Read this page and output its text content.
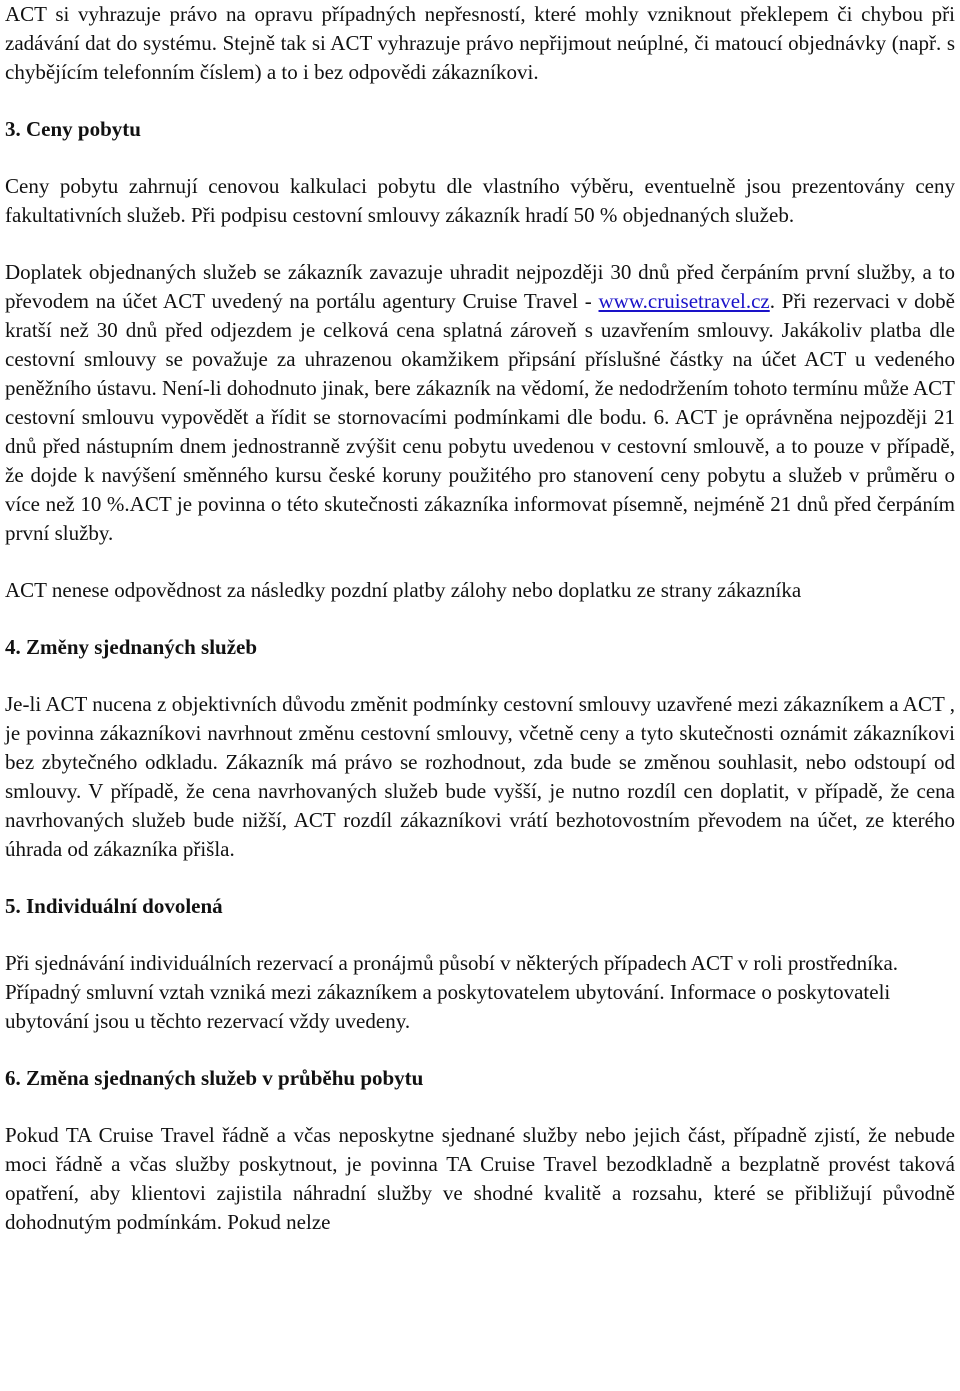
ACT si vyhrazuje právo na opravu případných nepřesností, které mohly vzniknout překlepem či chybou při zadávání dat do systému. Stejně tak si ACT vyhrazuje právo nepřijmout neúplné, či matoucí objednávky (např. s chybějícím telefonním číslem) a to i bez odpovědi zákazníkovi.

3. Ceny pobytu

Ceny pobytu zahrnují cenovou kalkulaci pobytu dle vlastního výběru, eventuelně jsou prezentovány ceny fakultativních služeb. Při podpisu cestovní smlouvy zákazník hradí 50 % objednaných služeb.

Doplatek objednaných služeb se zákazník zavazuje uhradit nejpozději 30 dnů před čerpáním první služby, a to převodem na účet ACT uvedený na portálu agentury Cruise Travel - www.cruisetravel.cz. Při rezervaci v době kratší než 30 dnů před odjezdem je celková cena splatná zároveň s uzavřením smlouvy. Jakákoliv platba dle cestovní smlouvy se považuje za uhrazenou okamžikem připsání příslušné částky na účet ACT u vedeného peněžního ústavu. Není-li dohodnuto jinak, bere zákazník na vědomí, že nedodržením tohoto termínu může ACT cestovní smlouvu vypovědět a řídit se stornovacími podmínkami dle bodu. 6. ACT je oprávněna nejpozději 21 dnů před nástupním dnem jednostranně zvýšit cenu pobytu uvedenou v cestovní smlouvě, a to pouze v případě, že dojde k navýšení směnného kursu české koruny použitého pro stanovení ceny pobytu a služeb v průměru o více než 10 %.ACT je povinna o této skutečnosti zákazníka informovat písemně, nejméně 21 dnů před čerpáním první služby.

ACT nenese odpovědnost za následky pozdní platby zálohy nebo doplatku ze strany zákazníka

4. Změny sjednaných služeb

Je-li ACT nucena z objektivních důvodu změnit podmínky cestovní smlouvy uzavřené mezi zákazníkem a ACT , je povinna zákazníkovi navrhnout změnu cestovní smlouvy, včetně ceny a tyto skutečnosti oznámit zákazníkovi bez zbytečného odkladu. Zákazník má právo se rozhodnout, zda bude se změnou souhlasit, nebo odstoupí od smlouvy. V případě, že cena navrhovaných služeb bude vyšší, je nutno rozdíl cen doplatit, v případě, že cena navrhovaných služeb bude nižší, ACT rozdíl zákazníkovi vrátí bezhotovostním převodem na účet, ze kterého úhrada od zákazníka přišla.

5. Individuální dovolená

Při sjednávání individuálních rezervací a pronájmů působí v některých případech ACT v roli prostředníka. Případný smluvní vztah vzniká mezi zákazníkem a poskytovatelem ubytování. Informace o poskytovateli ubytování jsou u těchto rezervací vždy uvedeny.

6. Změna sjednaných služeb v průběhu pobytu

Pokud TA Cruise Travel řádně a včas neposkytne sjednané služby nebo jejich část, případně zjistí, že nebude moci řádně a včas služby poskytnout, je povinna TA Cruise Travel bezodkladně a bezplatně provést taková opatření, aby klientovi zajistila náhradní služby ve shodné kvalitě a rozsahu, které se přibližují původně dohodnutým podmínkám. Pokud nelze
